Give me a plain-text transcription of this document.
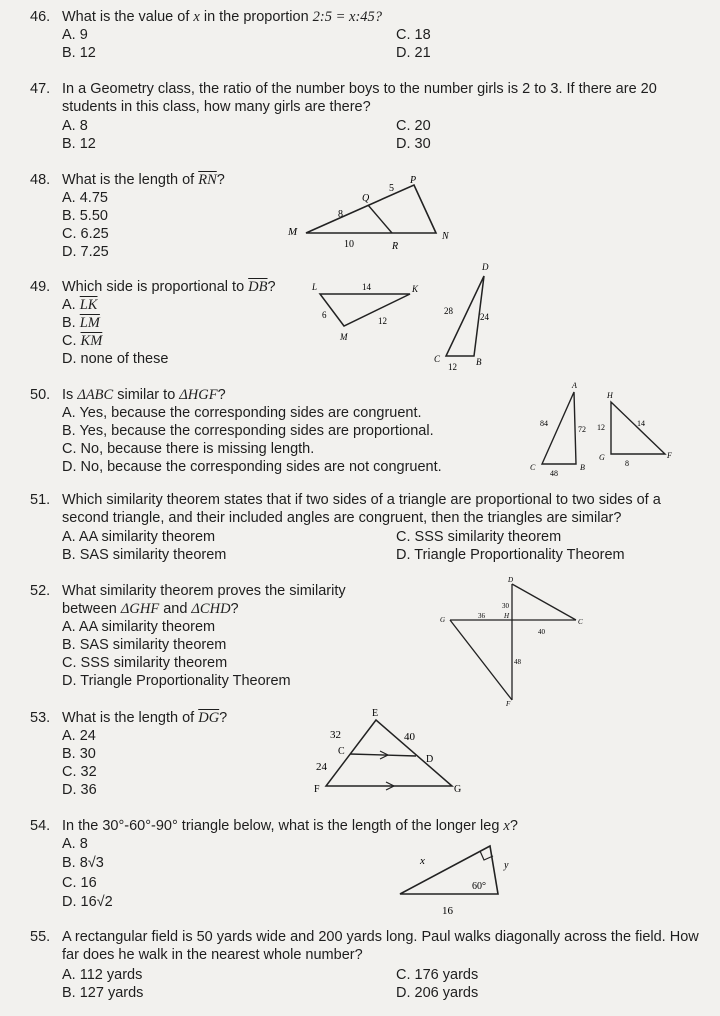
46. What is the value of x in the proportion 2:5 = x:45?
A. 9
B. 12
C. 18
D. 21
47. In a Geometry class, the ratio of the number boys to the number girls is 2 to 3. If there are 20 students in this class, how many girls are there?
A. 8
B. 12
C. 20
D. 30
48. What is the length of $\overline{RN}$?
A. 4.75
B. 5.50
C. 6.25
D. 7.25
M
Q
P
N
R
5
8
10
49. Which side is proportional to $\overline{DB}$?
A. $\overline{LK}$
B. $\overline{LM}$
C. $\overline{KM}$
D. none of these
L	K
M
14
6
12
D
C	B
28
24
12
50. Is ΔABC similar to ΔHGF?
A. Yes, because the corresponding sides are congruent.
B. Yes, because the corresponding sides are proportional.
C. No, because there is missing length.
D. No, because the corresponding sides are not congruent.
A
C	B
84
72
48
H
G	F
12	14
8
51. Which similarity theorem states that if two sides of a triangle are proportional to two sides of a second triangle, and their included angles are congruent, then the triangles are similar?
A. AA similarity theorem
B. SAS similarity theorem
C. SSS similarity theorem
D. Triangle Proportionality Theorem
52. What similarity theorem proves the similarity
between ΔGHF and ΔCHD?
A. AA similarity theorem
B. SAS similarity theorem
C. SSS similarity theorem
D. Triangle Proportionality Theorem
D
G	H
C
F
30
36
40
48
53. What is the length of $\overline{DG}$?
A. 24
B. 30
C. 32
D. 36
E
C
D
F	G
32	40
24
54. In the 30°-60°-90° triangle below, what is the length of the longer leg x?
A. 8
B. 8√3
C. 16
D. 16√2
x	y
60°
16
55. A rectangular field is 50 yards wide and 200 yards long. Paul walks diagonally across the field. How far does he walk in the nearest whole number?
A. 112 yards
B. 127 yards
C. 176 yards
D. 206 yards
